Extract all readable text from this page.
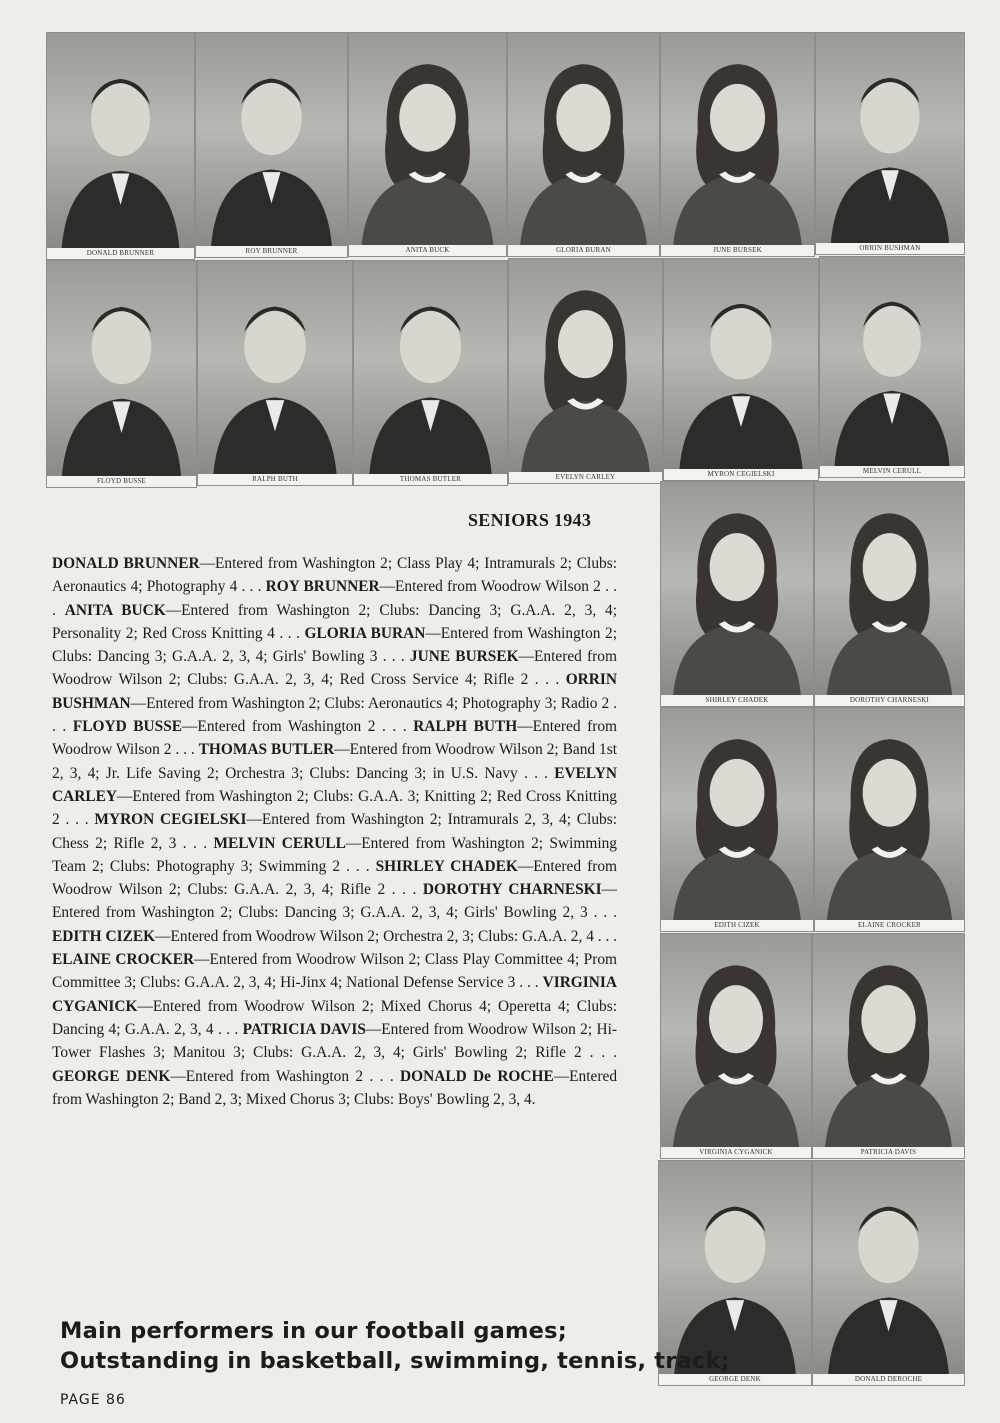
DONALD BRUNNER	ROY BRUNNER	ANITA BUCK	GLORIA BURAN	JUNE BURSEK	ORRIN BUSHMAN
FLOYD BUSSE	RALPH BUTH	THOMAS BUTLER	EVELYN CARLEY	MYRON CEGIELSKI	MELVIN CERULL
SHIRLEY CHADEK	DOROTHY CHARNESKI
EDITH CIZEK	ELAINE CROCKER
VIRGINIA CYGANICK	PATRICIA DAVIS
GEORGE DENK	DONALD DEROCHE
SENIORS 1943
DONALD BRUNNER—Entered from Washington 2; Class Play 4; Intramurals 2; Clubs: Aeronautics 4; Photography 4 . . . ROY BRUNNER—Entered from Woodrow Wilson 2 . . . ANITA BUCK—Entered from Washington 2; Clubs: Dancing 3; G.A.A. 2, 3, 4; Personality 2; Red Cross Knitting 4 . . . GLORIA BURAN—Entered from Washington 2; Clubs: Dancing 3; G.A.A. 2, 3, 4; Girls' Bowling 3 . . . JUNE BURSEK—Entered from Woodrow Wilson 2; Clubs: G.A.A. 2, 3, 4; Red Cross Service 4; Rifle 2 . . . ORRIN BUSHMAN—Entered from Washington 2; Clubs: Aeronautics 4; Photography 3; Radio 2 . . . FLOYD BUSSE—Entered from Washington 2 . . . RALPH BUTH—Entered from Woodrow Wilson 2 . . . THOMAS BUTLER—Entered from Woodrow Wilson 2; Band 1st 2, 3, 4; Jr. Life Saving 2; Orchestra 3; Clubs: Dancing 3; in U.S. Navy . . . EVELYN CARLEY—Entered from Washington 2; Clubs: G.A.A. 3; Knitting 2; Red Cross Knitting 2 . . . MYRON CEGIELSKI—Entered from Washington 2; Intramurals 2, 3, 4; Clubs: Chess 2; Rifle 2, 3 . . . MELVIN CERULL—Entered from Washington 2; Swimming Team 2; Clubs: Photography 3; Swimming 2 . . . SHIRLEY CHADEK—Entered from Woodrow Wilson 2; Clubs: G.A.A. 2, 3, 4; Rifle 2 . . . DOROTHY CHARNESKI—Entered from Washington 2; Clubs: Dancing 3; G.A.A. 2, 3, 4; Girls' Bowling 2, 3 . . . EDITH CIZEK—Entered from Woodrow Wilson 2; Orchestra 2, 3; Clubs: G.A.A. 2, 4 . . . ELAINE CROCKER—Entered from Woodrow Wilson 2; Class Play Committee 4; Prom Committee 3; Clubs: G.A.A. 2, 3, 4; Hi-Jinx 4; National Defense Service 3 . . . VIRGINIA CYGANICK—Entered from Woodrow Wilson 2; Mixed Chorus 4; Operetta 4; Clubs: Dancing 4; G.A.A. 2, 3, 4 . . . PATRICIA DAVIS—Entered from Woodrow Wilson 2; Hi-Tower Flashes 3; Manitou 3; Clubs: G.A.A. 2, 3, 4; Girls' Bowling 2; Rifle 2 . . . GEORGE DENK—Entered from Washington 2 . . . DONALD De ROCHE—Entered from Washington 2; Band 2, 3; Mixed Chorus 3; Clubs: Boys' Bowling 2, 3, 4.
Main performers in our football games;
Outstanding in basketball, swimming, tennis, track;
PAGE 86
